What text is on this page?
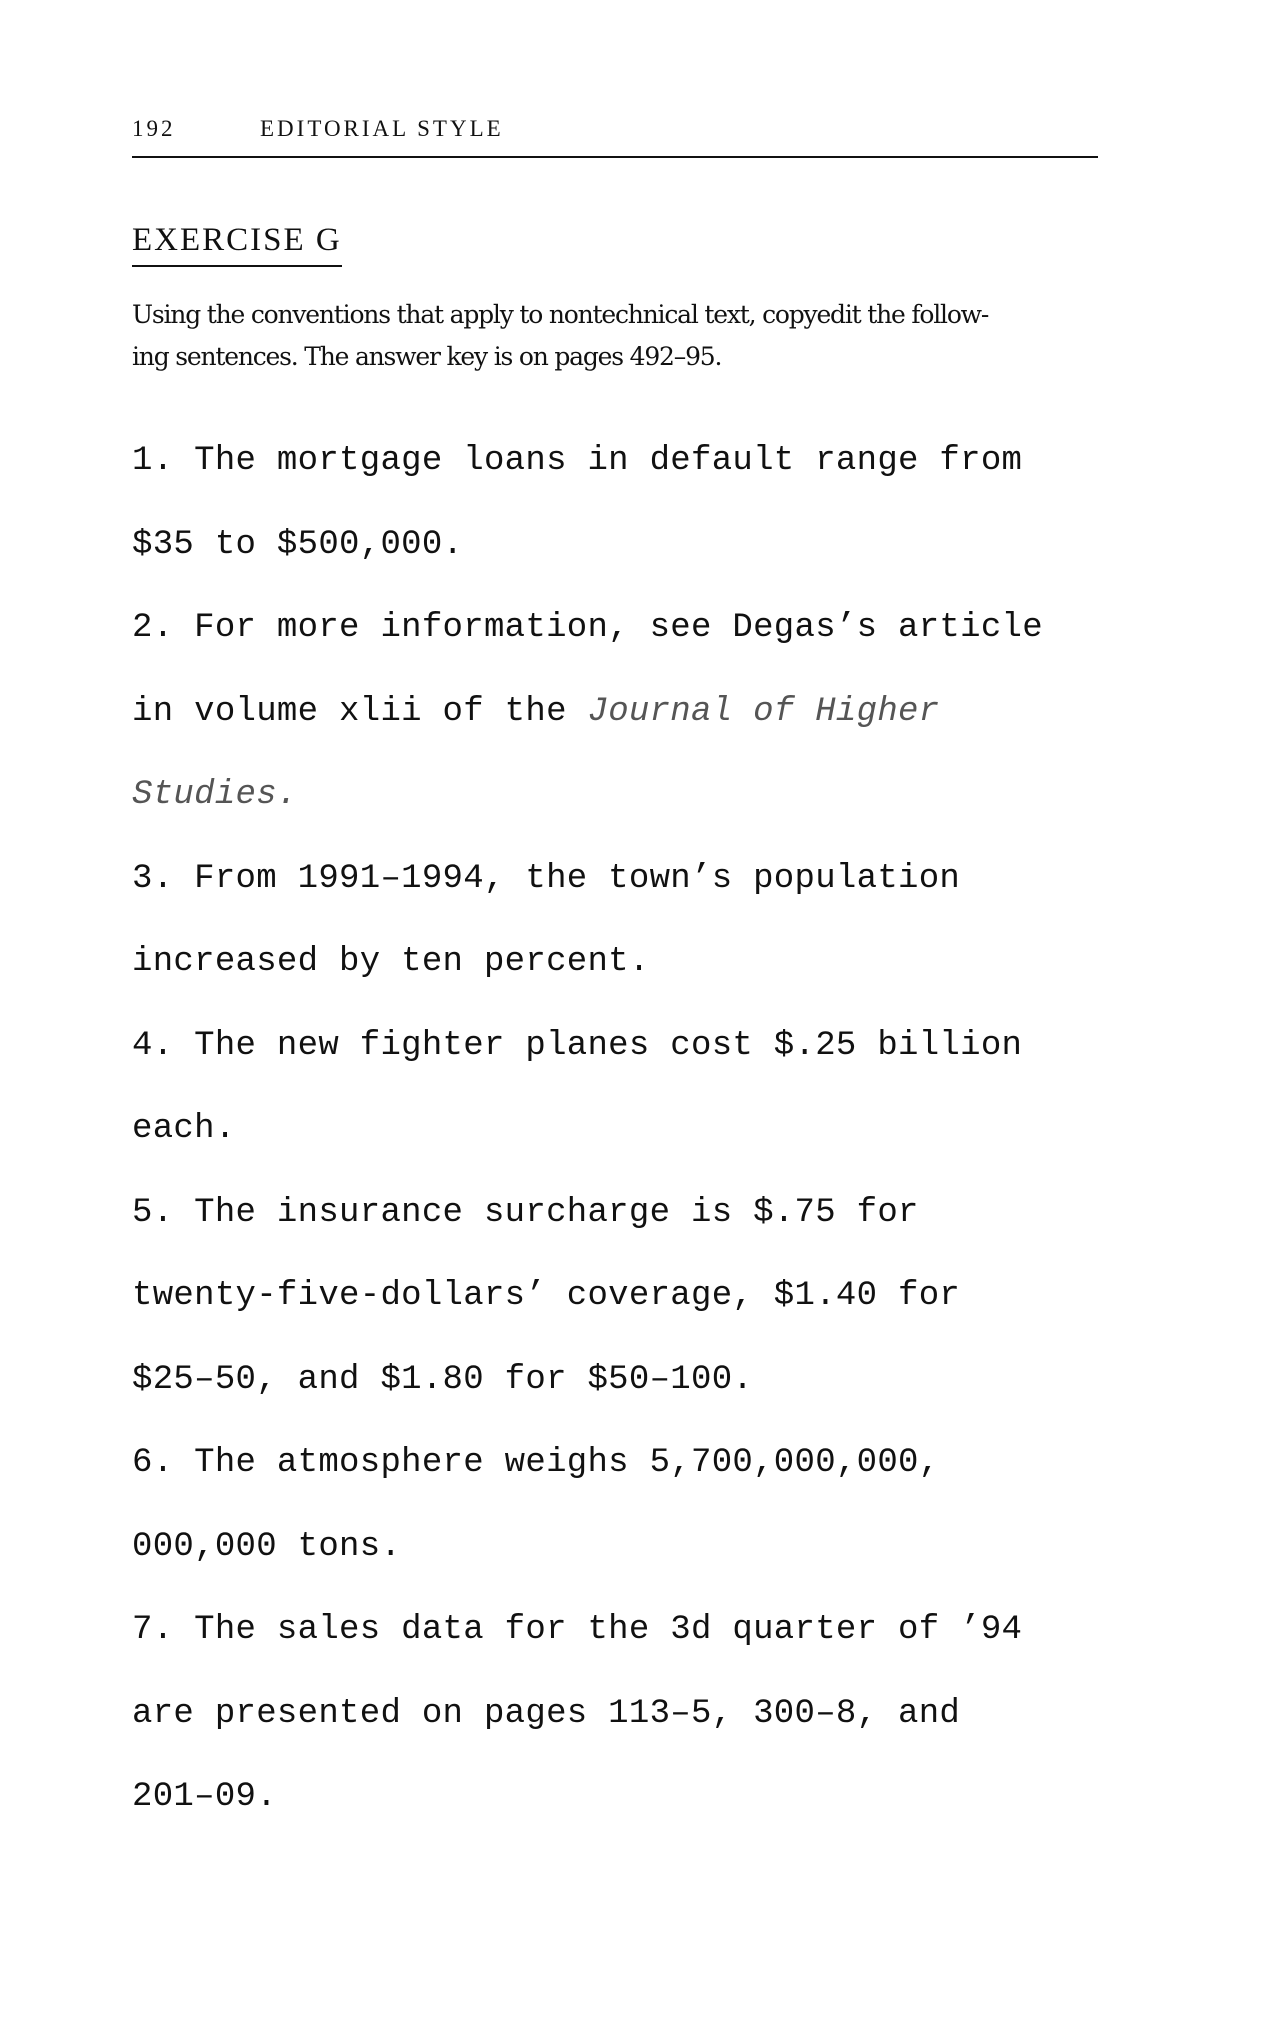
192	EDITORIAL STYLE
EXERCISE G
Using the conventions that apply to nontechnical text, copyedit the follow-
ing sentences. The answer key is on pages 492–95.
1. The mortgage loans in default range from
$35 to $500,000.
2. For more information, see Degas’s article
in volume xlii of the Journal of Higher
Studies.
3. From 1991–1994, the town’s population
increased by ten percent.
4. The new fighter planes cost $.25 billion
each.
5. The insurance surcharge is $.75 for
twenty-five-dollars’ coverage, $1.40 for
$25–50, and $1.80 for $50–100.
6. The atmosphere weighs 5,700,000,000,
000,000 tons.
7. The sales data for the 3d quarter of ’94
are presented on pages 113–5, 300–8, and
201–09.
